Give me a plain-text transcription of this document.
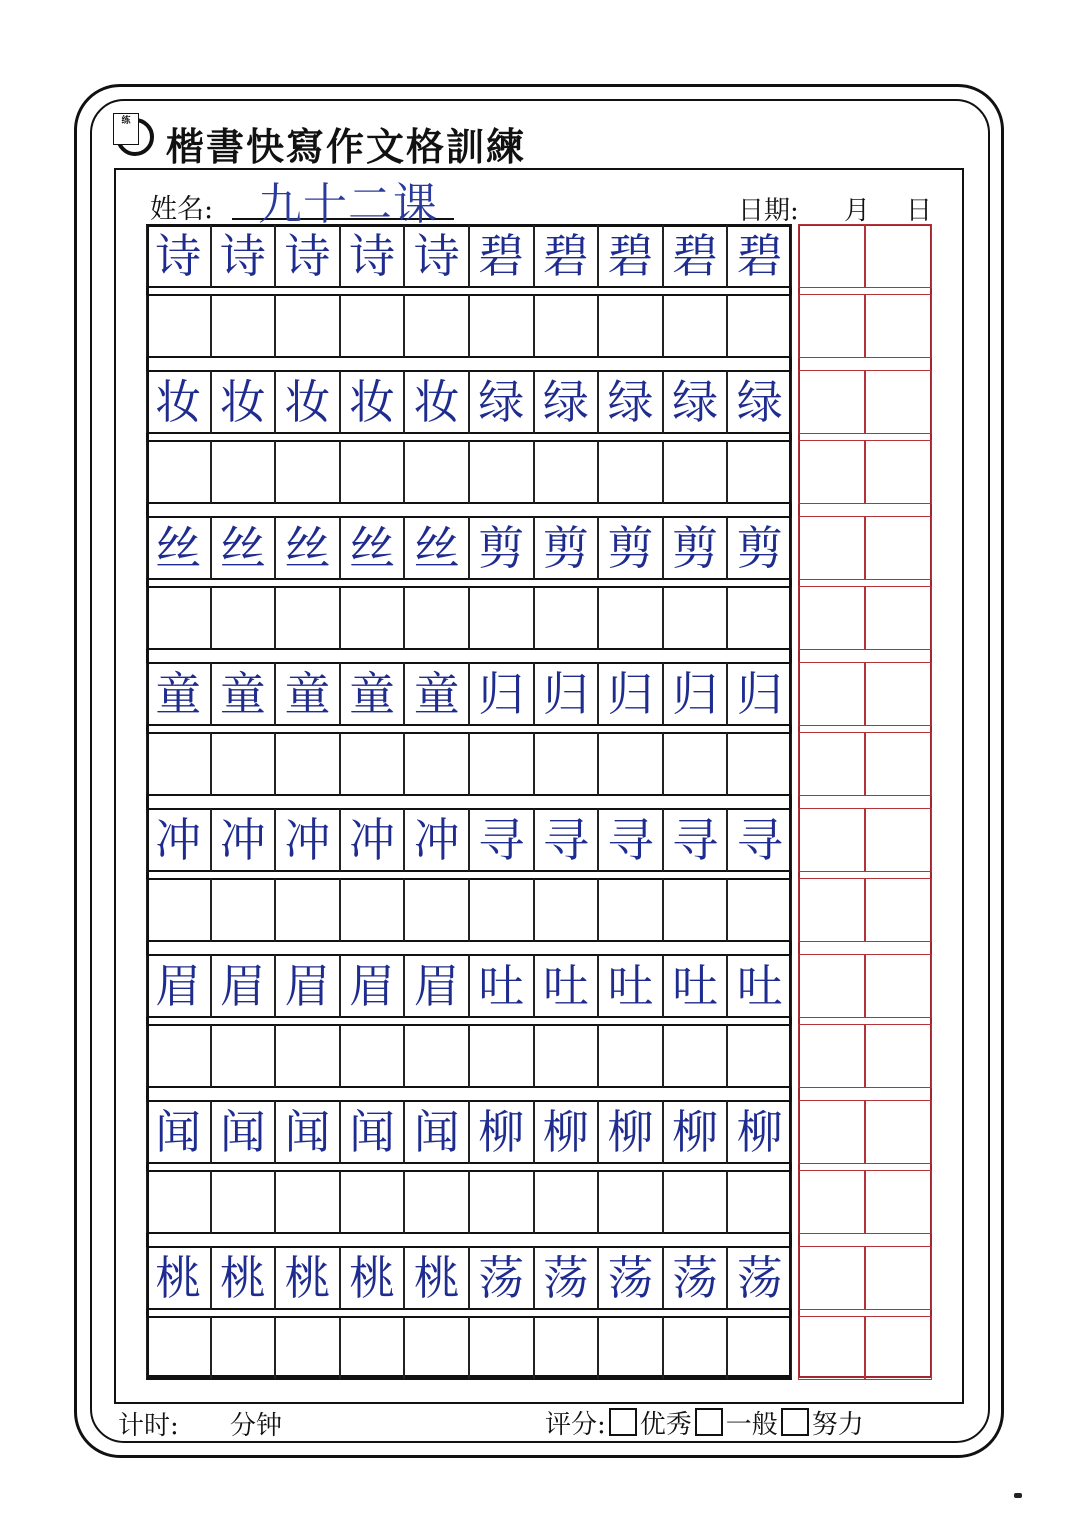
练
楷書快寫作文格訓練
姓名: 九十二课	日期: 月 日
诗 诗 诗 诗 诗 碧 碧 碧 碧 碧
妆 妆 妆 妆 妆 绿 绿 绿 绿 绿
丝 丝 丝 丝 丝 剪 剪 剪 剪 剪
童 童 童 童 童 归 归 归 归 归
冲 冲 冲 冲 冲 寻 寻 寻 寻 寻
眉 眉 眉 眉 眉 吐 吐 吐 吐 吐
闻 闻 闻 闻 闻 柳 柳 柳 柳 柳
桃 桃 桃 桃 桃 荡 荡 荡 荡 荡
计时: 分钟	评分: 优秀 一般 努力
